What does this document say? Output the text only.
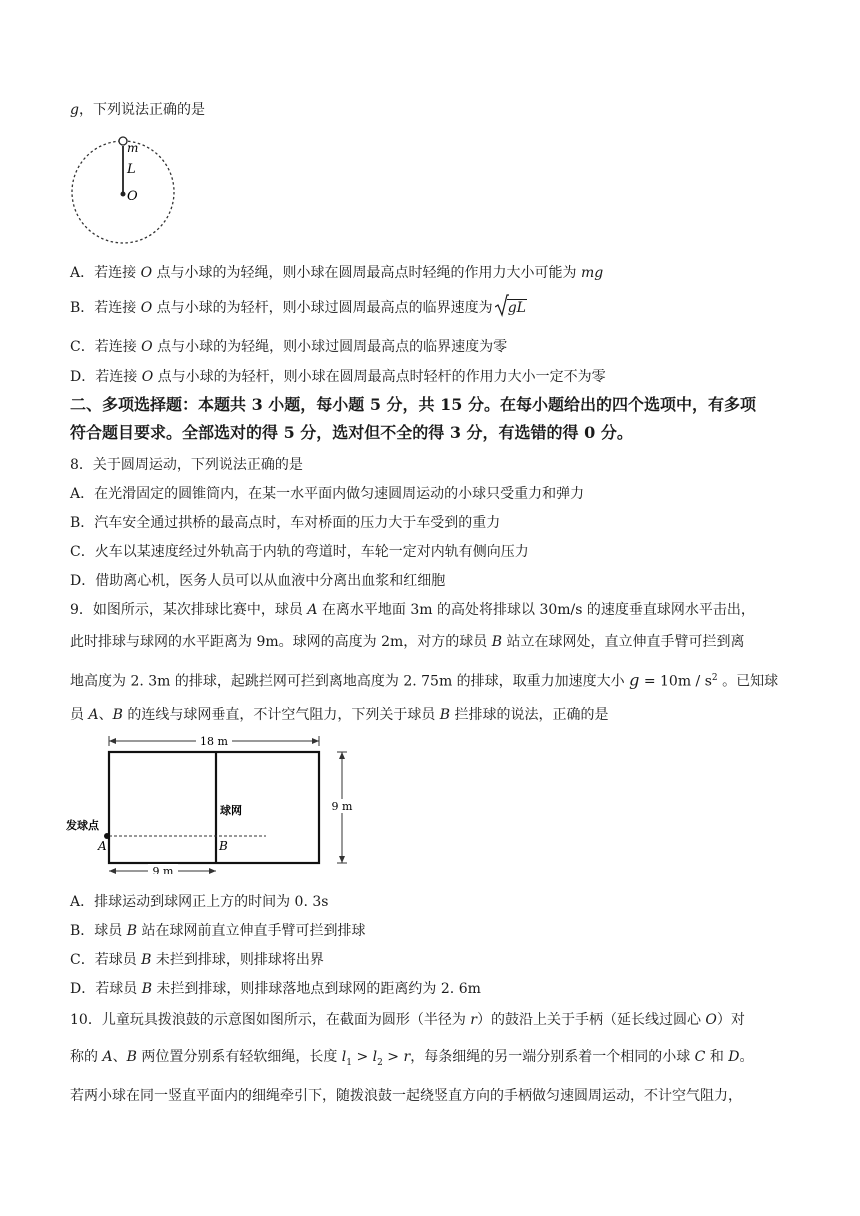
g，下列说法正确的是
m
L
O
A．若连接 O 点与小球的为轻绳，则小球在圆周最高点时轻绳的作用力大小可能为 mg
B．若连接 O 点与小球的为轻杆，则小球过圆周最高点的临界速度为 gL
C．若连接 O 点与小球的为轻绳，则小球过圆周最高点的临界速度为零
D．若连接 O 点与小球的为轻杆，则小球在圆周最高点时轻杆的作用力大小一定不为零
二、多项选择题：本题共 3 小题，每小题 5 分，共 15 分。在每小题给出的四个选项中，有多项
符合题目要求。全部选对的得 5 分，选对但不全的得 3 分，有选错的得 0 分。
8．关于圆周运动，下列说法正确的是
A．在光滑固定的圆锥筒内，在某一水平面内做匀速圆周运动的小球只受重力和弹力
B．汽车安全通过拱桥的最高点时，车对桥面的压力大于车受到的重力
C．火车以某速度经过外轨高于内轨的弯道时，车轮一定对内轨有侧向压力
D．借助离心机，医务人员可以从血液中分离出血浆和红细胞
9．如图所示，某次排球比赛中，球员 A 在离水平地面 3m 的高处将排球以 30m/s 的速度垂直球网水平击出，
此时排球与球网的水平距离为 9m。球网的高度为 2m，对方的球员 B 站立在球网处，直立伸直手臂可拦到离
地高度为 2. 3m 的排球，起跳拦网可拦到离地高度为 2. 75m 的排球，取重力加速度大小 $g = 10m / s^2$ 。已知球
员 A、B 的连线与球网垂直，不计空气阻力，下列关于球员 B 拦排球的说法，正确的是
18 m
9 m
9 m
球网
发球点
A	B
A．排球运动到球网正上方的时间为 0. 3s
B．球员 B 站在球网前直立伸直手臂可拦到排球
C．若球员 B 未拦到排球，则排球将出界
D．若球员 B 未拦到排球，则排球落地点到球网的距离约为 2. 6m
10．儿童玩具拨浪鼓的示意图如图所示，在截面为圆形（半径为 r）的鼓沿上关于手柄（延长线过圆心 O）对
称的 A、B 两位置分别系有轻软细绳，长度 $l_1 > l_2 > r$，每条细绳的另一端分别系着一个相同的小球 C 和 D。
若两小球在同一竖直平面内的细绳牵引下，随拨浪鼓一起绕竖直方向的手柄做匀速圆周运动，不计空气阻力，
